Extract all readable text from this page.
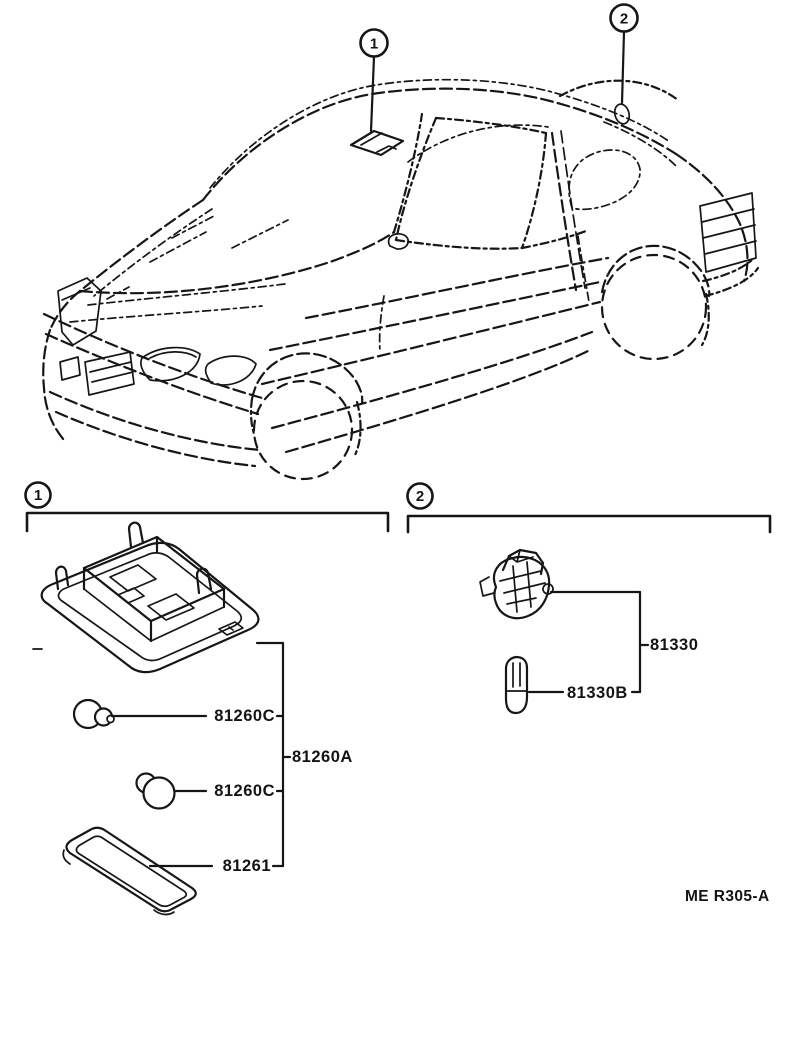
1
2
1
81260C
81260A
81260C
81261
2
81330
81330B
ME R305-A
